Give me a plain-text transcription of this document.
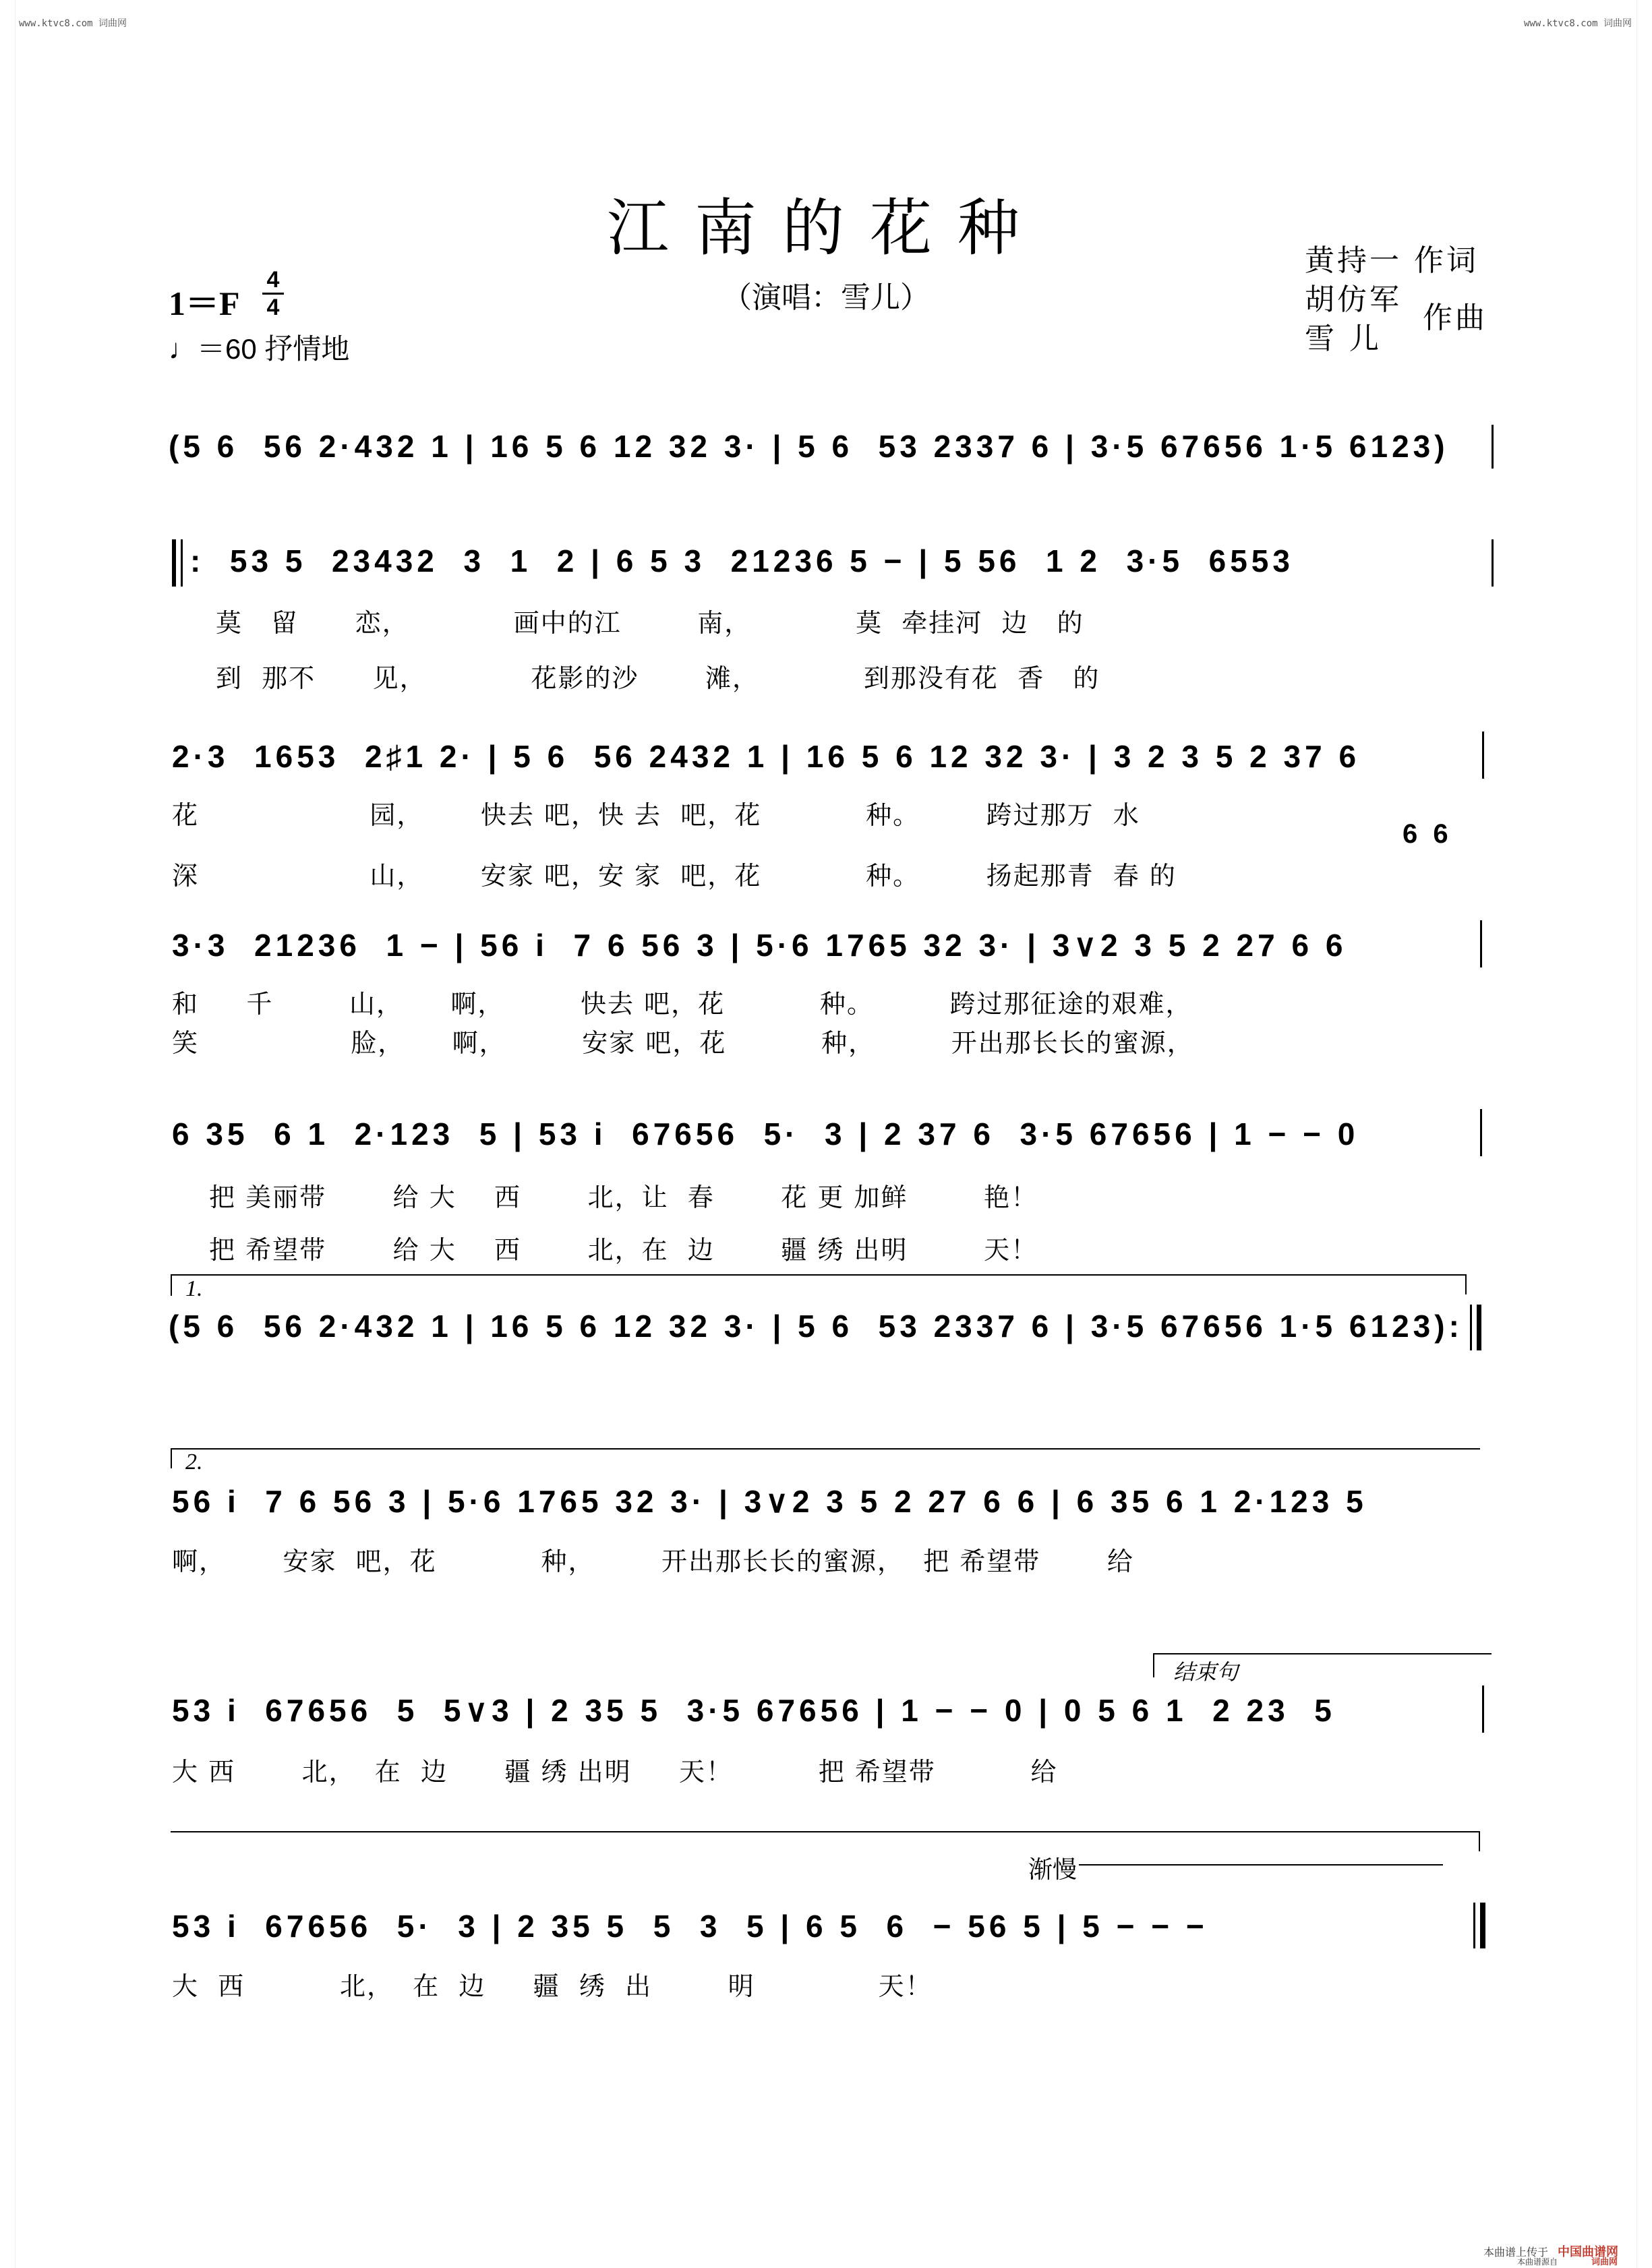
www.ktvc8.com 词曲网	www.ktvc8.com 词曲网
江南的花种
（演唱：雪儿）
黄持一 作词
胡仿军
雪 儿
作曲
1＝F
4
4
♩＝60 抒情地
(5 6  56 2·432 1 | 16 5 6 12 32 3· | 5 6  53 2337 6 | 3·5 67656 1·5 6123)
:  53 5  23432  3  1  2 | 6 5 3  21236 5 − | 5 56  1 2  3·5  6553
莫   留      恋，           画中的江        南，           莫  牵挂河  边   的
到  那不      见，           花影的沙       滩，           到那没有花  香   的
2·3  1653  2♯1 2· | 5 6  56 2432 1 | 16 5 6 12 32 3· | 3 2 3 5 2 37 6
花                  园，      快去 吧，快 去  吧，花           种。       跨过那万  水
6 6
深                  山，      安家 吧，安 家  吧，花           种。       扬起那青  春 的
3·3  21236  1 − | 56 i  7 6 56 3 | 5·6 1765 32 3· | 3∨2 3 5 2 27 6 6
和     千        山，     啊，        快去 吧，花          种。        跨过那征途的艰难，
笑                脸，     啊，        安家 吧，花          种，        开出那长长的蜜源，
6 35  6 1  2·123  5 | 53 i  67656  5·  3 | 2 37 6  3·5 67656 | 1 − − 0
把 美丽带       给 大    西       北，让  春       花 更 加鲜        艳！
把 希望带       给 大    西       北，在  边       疆 绣 出明        天！
1.
(5 6  56 2·432 1 | 16 5 6 12 32 3· | 5 6  53 2337 6 | 3·5 67656 1·5 6123):
2.
56 i  7 6 56 3 | 5·6 1765 32 3· | 3∨2 3 5 2 27 6 6 | 6 35 6 1 2·123 5
啊，      安家  吧，花           种，       开出那长长的蜜源，  把 希望带       给
结束句
53 i  67656  5  5∨3 | 2 35 5  3·5 67656 | 1 − − 0 | 0 5 6 1  2 23  5
大 西       北，  在  边      疆 绣 出明     天！         把 希望带          给
渐慢
53 i  67656  5·  3 | 2 35 5  5  3  5 | 6 5  6  − 56 5 | 5 − − −
大  西          北，  在  边     疆  绣  出        明             天！
本曲谱上传于 中国曲谱网
本曲谱源自	词曲网
